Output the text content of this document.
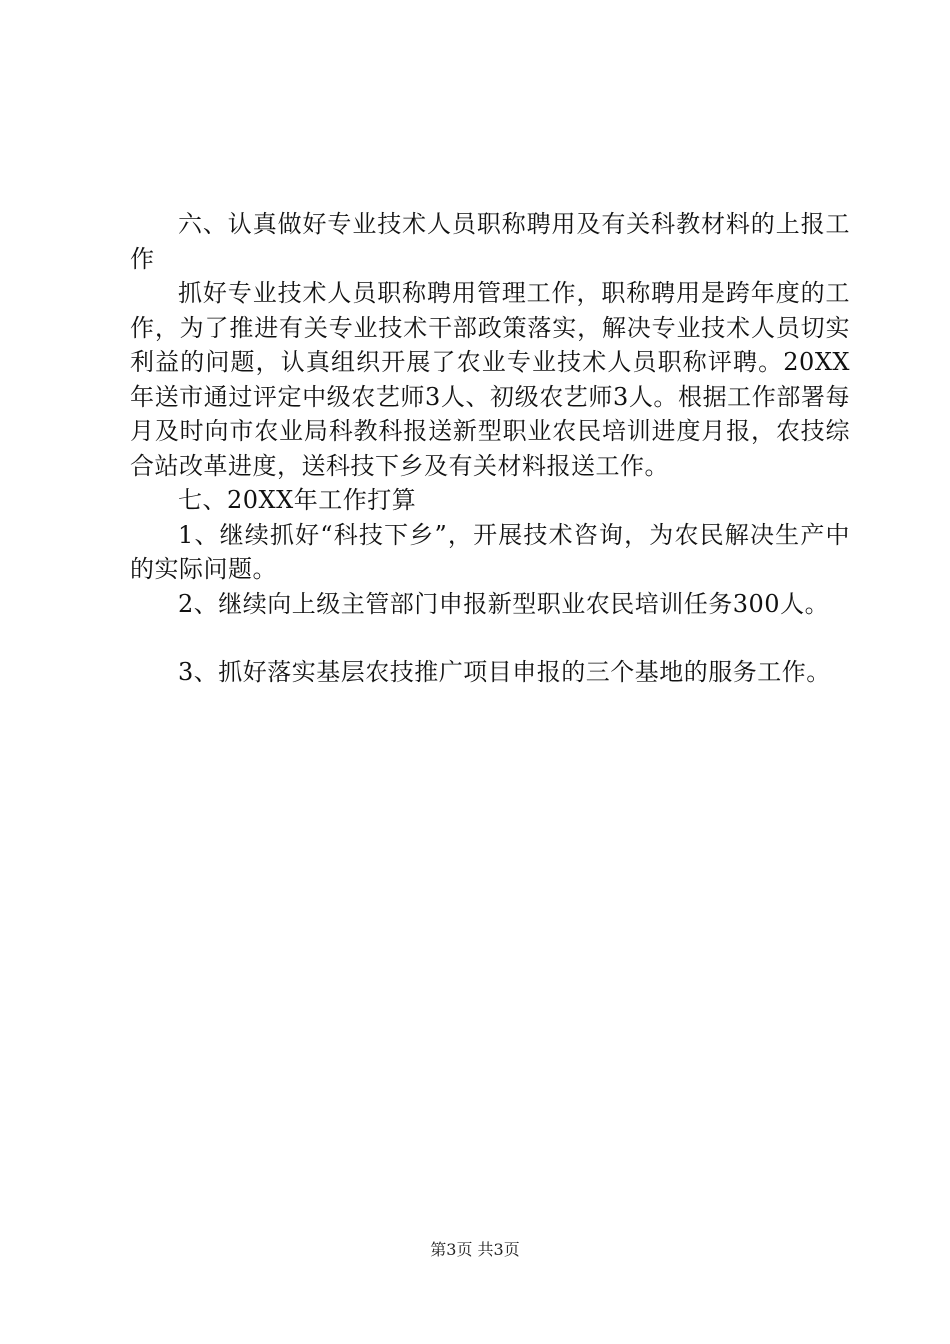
六、认真做好专业技术人员职称聘用及有关科教材料的上报工作

抓好专业技术人员职称聘用管理工作，职称聘用是跨年度的工作，为了推进有关专业技术干部政策落实，解决专业技术人员切实利益的问题，认真组织开展了农业专业技术人员职称评聘。20XX年送市通过评定中级农艺师3人、初级农艺师3人。根据工作部署每月及时向市农业局科教科报送新型职业农民培训进度月报，农技综合站改革进度，送科技下乡及有关材料报送工作。

七、20XX年工作打算

1、继续抓好“科技下乡”，开展技术咨询，为农民解决生产中的实际问题。

2、继续向上级主管部门申报新型职业农民培训任务300人。

3、抓好落实基层农技推广项目申报的三个基地的服务工作。

第3页 共3页
